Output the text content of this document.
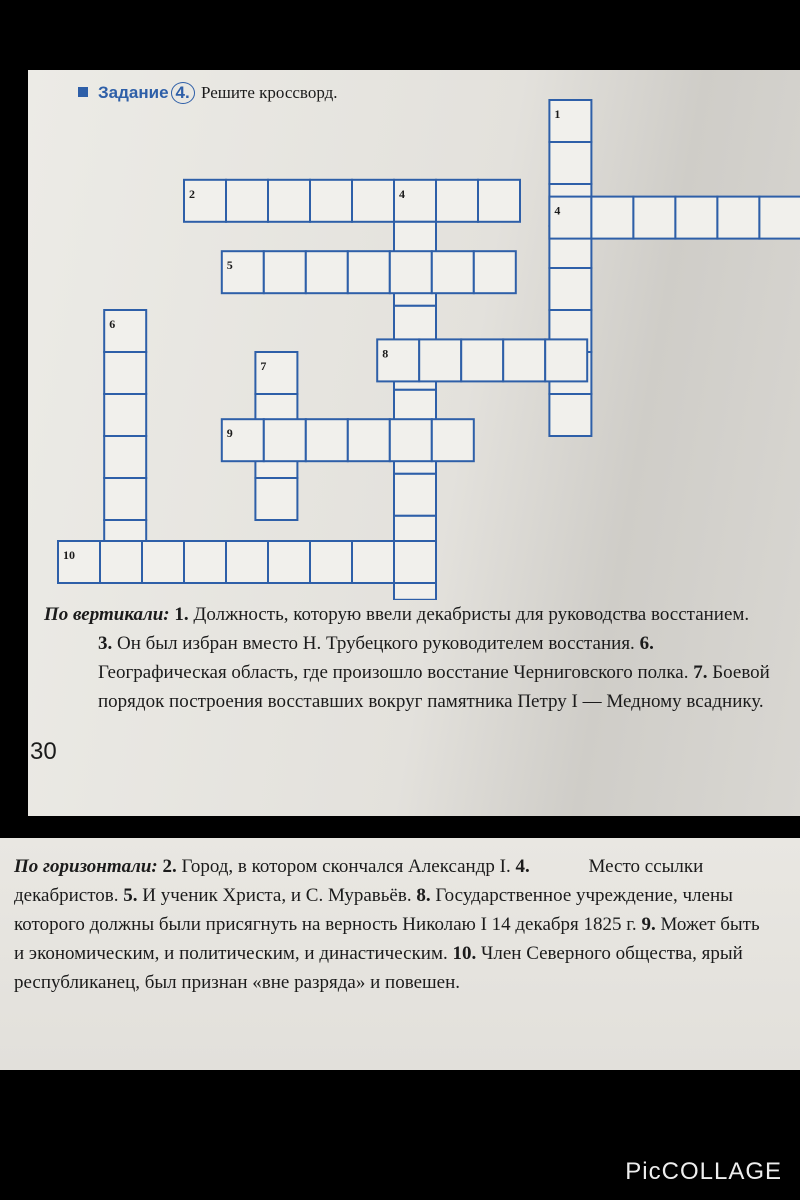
Задание 4. Решите кроссворд.
2	4
1
4
5
6
7
8
9
10
По вертикали: 1. Должность, которую ввели декабристы для руководства восстанием.
3. Он был избран вместо Н. Трубецкого руководителем восстания. 6. Географическая область, где произошло восстание Черниговского полка. 7. Боевой порядок построения восставших вокруг памятника Петру I — Медному всаднику.
30
По горизонтали: 2. Город, в котором скончался Александр I. 4.	Место ссылки декабристов. 5. И ученик Христа, и С. Муравьёв. 8. Государственное учреждение, члены которого должны были присягнуть на верность Николаю I 14 декабря 1825 г. 9. Может быть и экономическим, и политическим, и династическим. 10. Член Северного общества, ярый республиканец, был признан «вне разряда» и повешен.
PicCOLLAGE
